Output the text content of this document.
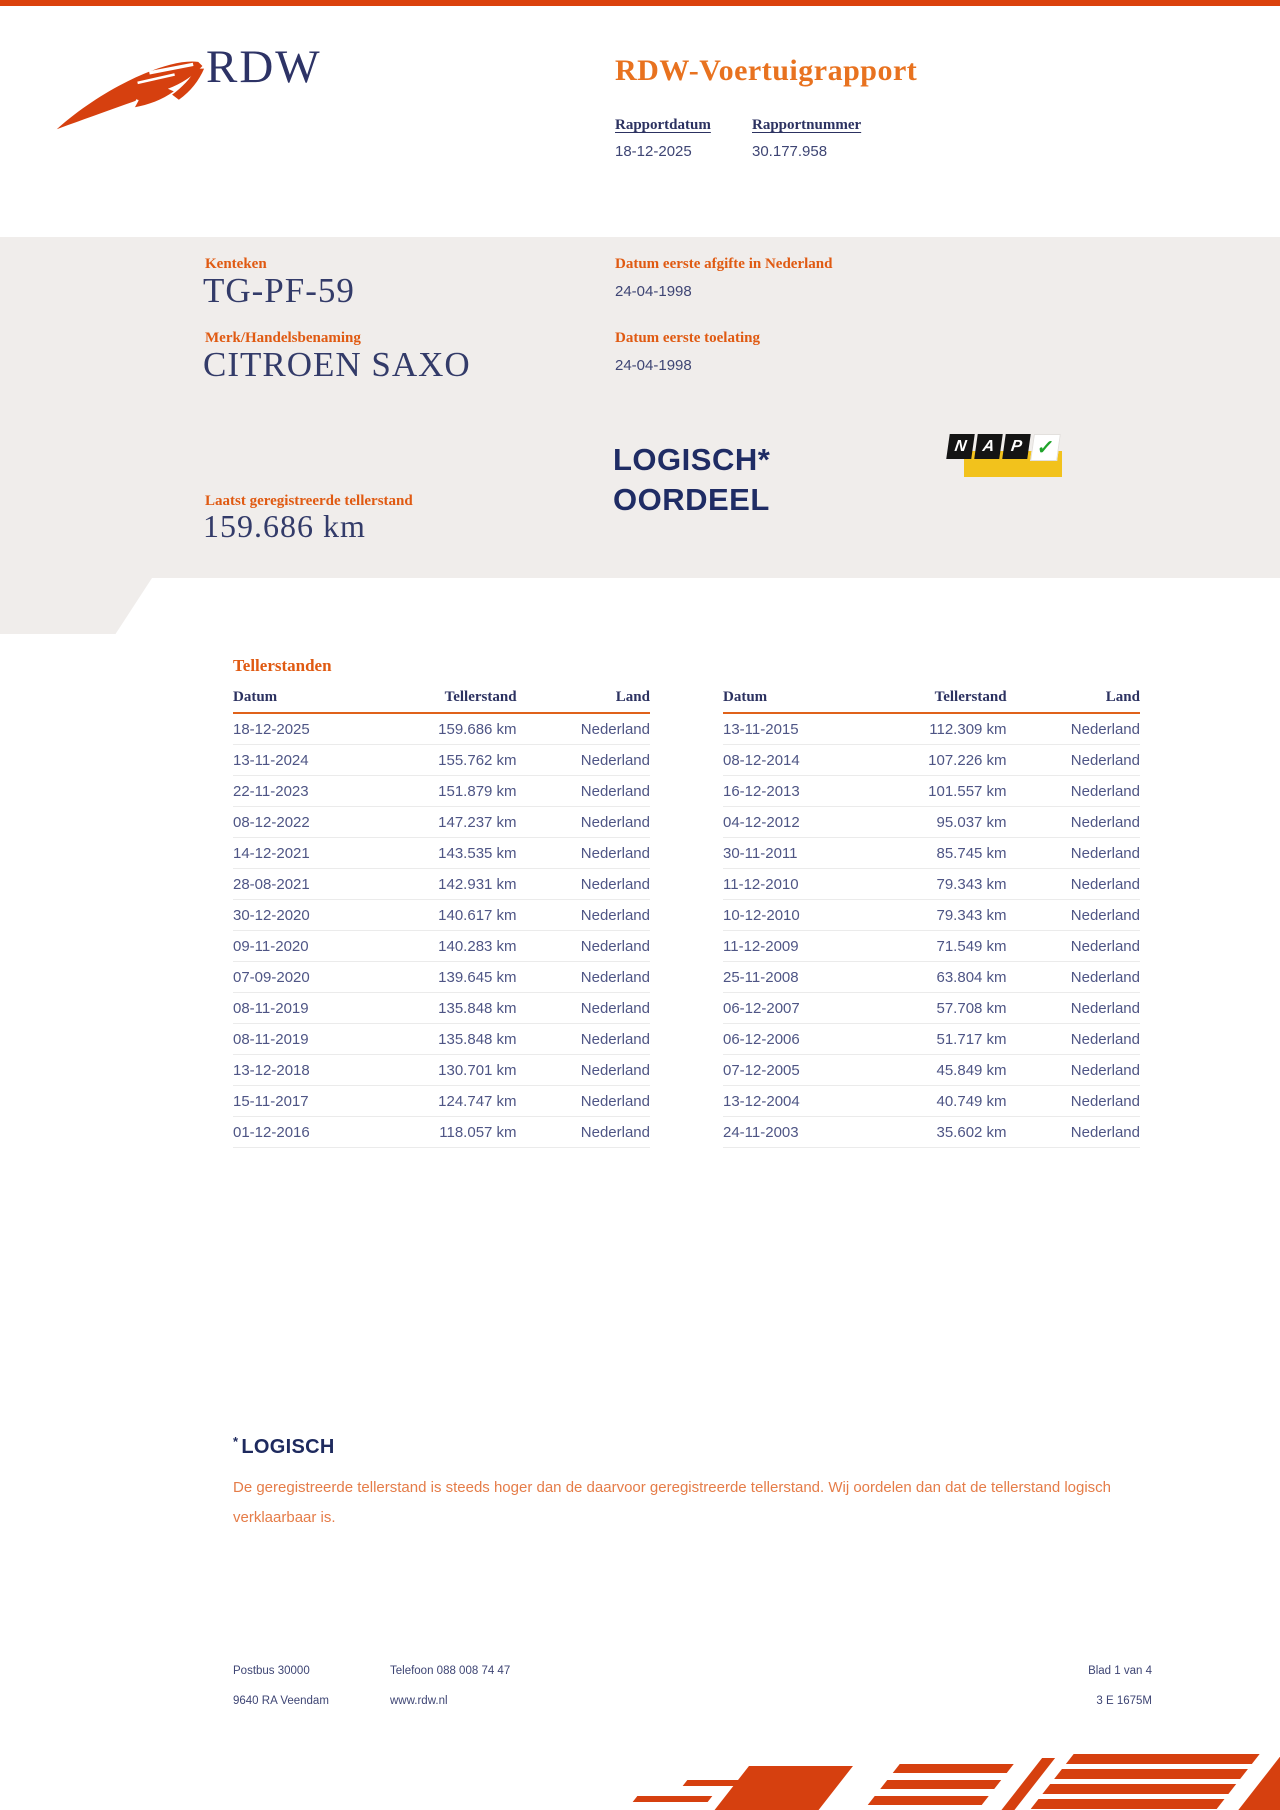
RDW	RDW-Voertuigrapport
Rapportdatum	Rapportnummer
18-12-2025	30.177.958
Kenteken
TG-PF-59
Merk/Handelsbenaming
CITROEN SAXO
Datum eerste afgifte in Nederland
24-04-1998
Datum eerste toelating
24-04-1998
LOGISCH*
OORDEEL
N A P ✓
Laatst geregistreerde tellerstand
159.686 km
Tellerstanden
Datum	Tellerstand	Land
18-12-2025	159.686 km	Nederland
13-11-2024	155.762 km	Nederland
22-11-2023	151.879 km	Nederland
08-12-2022	147.237 km	Nederland
14-12-2021	143.535 km	Nederland
28-08-2021	142.931 km	Nederland
30-12-2020	140.617 km	Nederland
09-11-2020	140.283 km	Nederland
07-09-2020	139.645 km	Nederland
08-11-2019	135.848 km	Nederland
08-11-2019	135.848 km	Nederland
13-12-2018	130.701 km	Nederland
15-11-2017	124.747 km	Nederland
01-12-2016	118.057 km	Nederland
Datum	Tellerstand	Land
13-11-2015	112.309 km	Nederland
08-12-2014	107.226 km	Nederland
16-12-2013	101.557 km	Nederland
04-12-2012	95.037 km	Nederland
30-11-2011	85.745 km	Nederland
11-12-2010	79.343 km	Nederland
10-12-2010	79.343 km	Nederland
11-12-2009	71.549 km	Nederland
25-11-2008	63.804 km	Nederland
06-12-2007	57.708 km	Nederland
06-12-2006	51.717 km	Nederland
07-12-2005	45.849 km	Nederland
13-12-2004	40.749 km	Nederland
24-11-2003	35.602 km	Nederland
* LOGISCH

De geregistreerde tellerstand is steeds hoger dan de daarvoor geregistreerde tellerstand. Wij oordelen dan dat de tellerstand logisch verklaarbaar is.

Postbus 30000
9640 RA Veendam
Telefoon 088 008 74 47
www.rdw.nl
Blad 1 van 4
3 E 1675M
